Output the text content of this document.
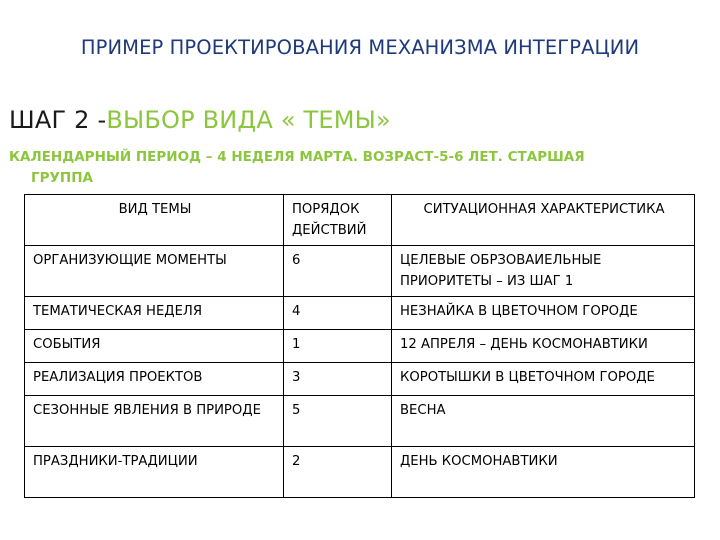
ПРИМЕР ПРОЕКТИРОВАНИЯ МЕХАНИЗМА ИНТЕГРАЦИИ
ШАГ 2 -ВЫБОР ВИДА « ТЕМЫ»
КАЛЕНДАРНЫЙ ПЕРИОД – 4 НЕДЕЛЯ МАРТА. ВОЗРАСТ-5-6 ЛЕТ. СТАРШАЯ
ГРУППА
ВИД ТЕМЫ	ПОРЯДОК ДЕЙСТВИЙ	СИТУАЦИОННАЯ ХАРАКТЕРИСТИКА
ОРГАНИЗУЮЩИЕ МОМЕНТЫ	6	ЦЕЛЕВЫЕ ОБРЗОВАИЕЛЬНЫЕ ПРИОРИТЕТЫ – ИЗ ШАГ 1
ТЕМАТИЧЕСКАЯ НЕДЕЛЯ	4	НЕЗНАЙКА В ЦВЕТОЧНОМ ГОРОДЕ
СОБЫТИЯ	1	12 АПРЕЛЯ – ДЕНЬ КОСМОНАВТИКИ
РЕАЛИЗАЦИЯ ПРОЕКТОВ	3	КОРОТЫШКИ В ЦВЕТОЧНОМ ГОРОДЕ
СЕЗОННЫЕ ЯВЛЕНИЯ В ПРИРОДЕ	5	ВЕСНА
ПРАЗДНИКИ-ТРАДИЦИИ	2	ДЕНЬ КОСМОНАВТИКИ
